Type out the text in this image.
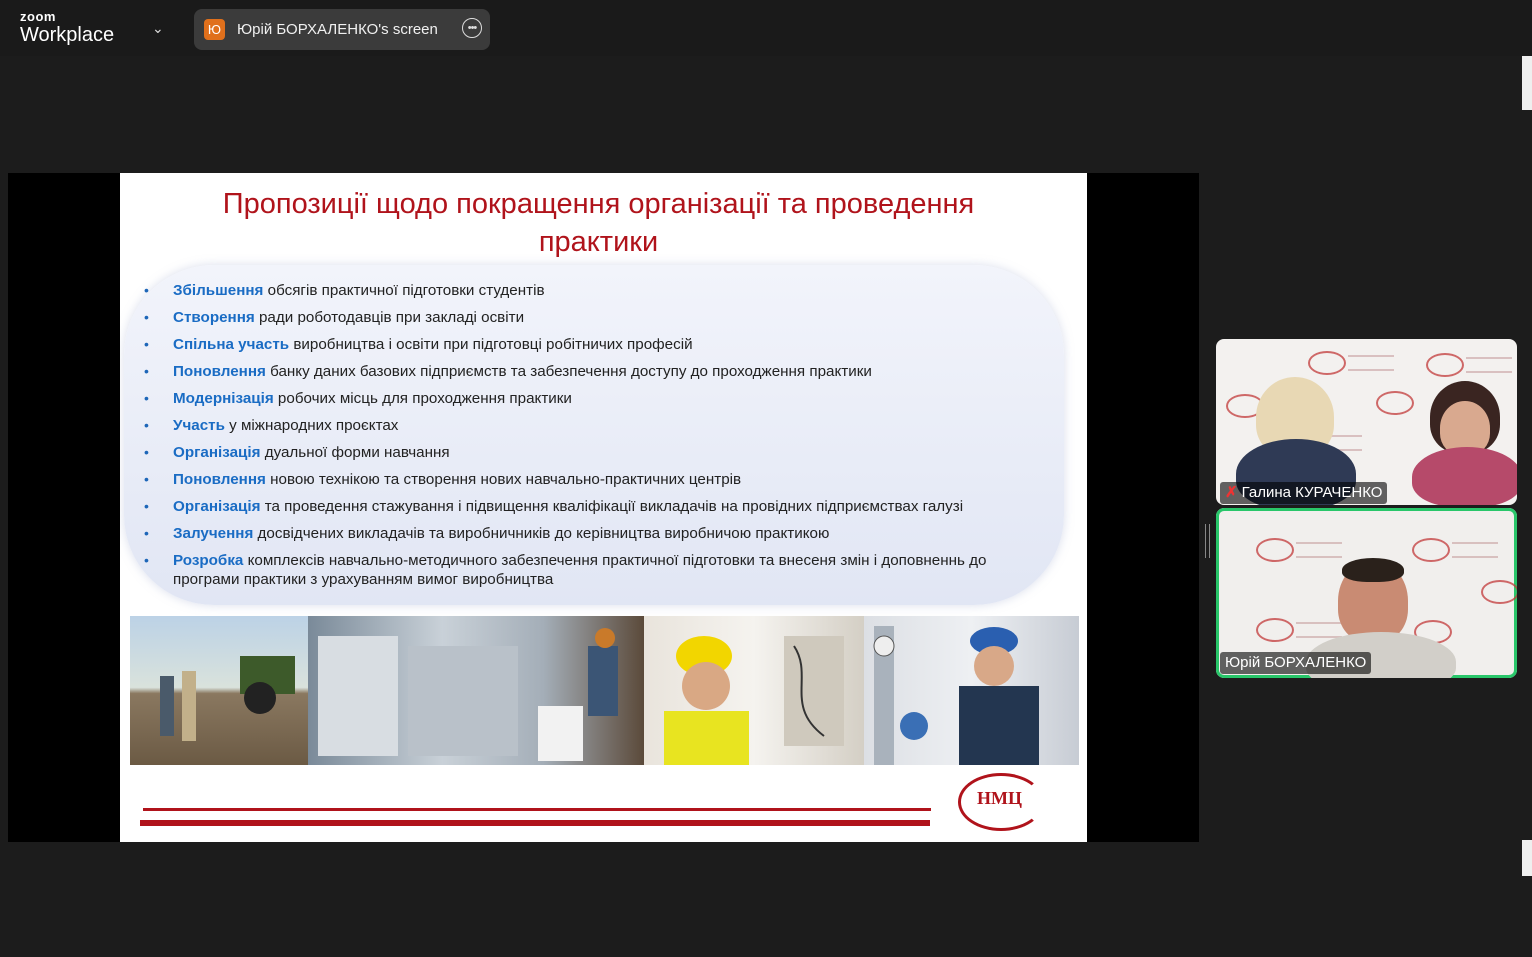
zoom
Workplace	⌄	Ю Юрій БОРХАЛЕНКО's screen	•••
Пропозиції щодо покращення організації та проведення практики
• Збільшення обсягів практичної підготовки студентів
• Створення ради роботодавців при закладі освіти
• Спільна участь виробництва і освіти при підготовці робітничих професій
• Поновлення банку даних базових підприємств та забезпечення доступу до проходження практики
• Модернізація робочих місць для проходження практики
• Участь у міжнародних проєктах
• Організація дуальної форми навчання
• Поновлення новою технікою та створення нових навчально-практичних центрів
• Організація та проведення стажування і підвищення кваліфікації викладачів на провідних підприємствах галузі
• Залучення досвідчених викладачів та виробничників до керівництва виробничою практикою
• Розробка комплексів навчально-методичного забезпечення практичної підготовки та внесеня змін і доповненнь до програми практики з урахуванням вимог виробництва
НМЦ
✗ Галина КУРАЧЕНКО
Юрій БОРХАЛЕНКО
